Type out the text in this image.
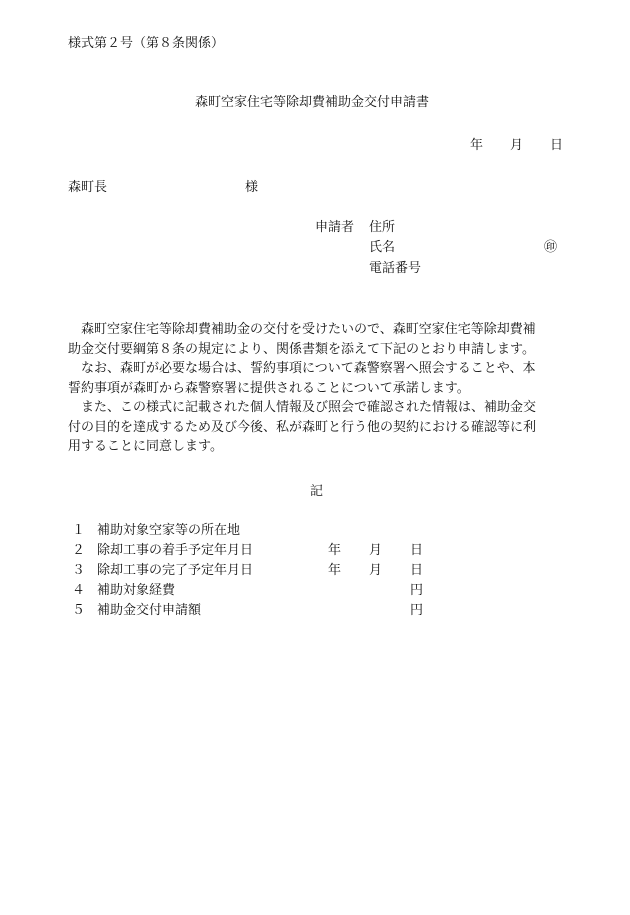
様式第２号（第８条関係）
森町空家住宅等除却費補助金交付申請書
年 月 日
森町長	様
申請者 住所
氏名	㊞
電話番号
森町空家住宅等除却費補助金の交付を受けたいので、森町空家住宅等除却費補
助金交付要綱第８条の規定により、関係書類を添えて下記のとおり申請します。
なお、森町が必要な場合は、誓約事項について森警察署へ照会することや、本
誓約事項が森町から森警察署に提供されることについて承諾します。
また、この様式に記載された個人情報及び照会で確認された情報は、補助金交
付の目的を達成するため及び今後、私が森町と行う他の契約における確認等に利
用することに同意します。
記
１ 補助対象空家等の所在地
２ 除却工事の着手予定年月日	年 月 日
３ 除却工事の完了予定年月日	年 月 日
４ 補助対象経費	円
５ 補助金交付申請額	円
